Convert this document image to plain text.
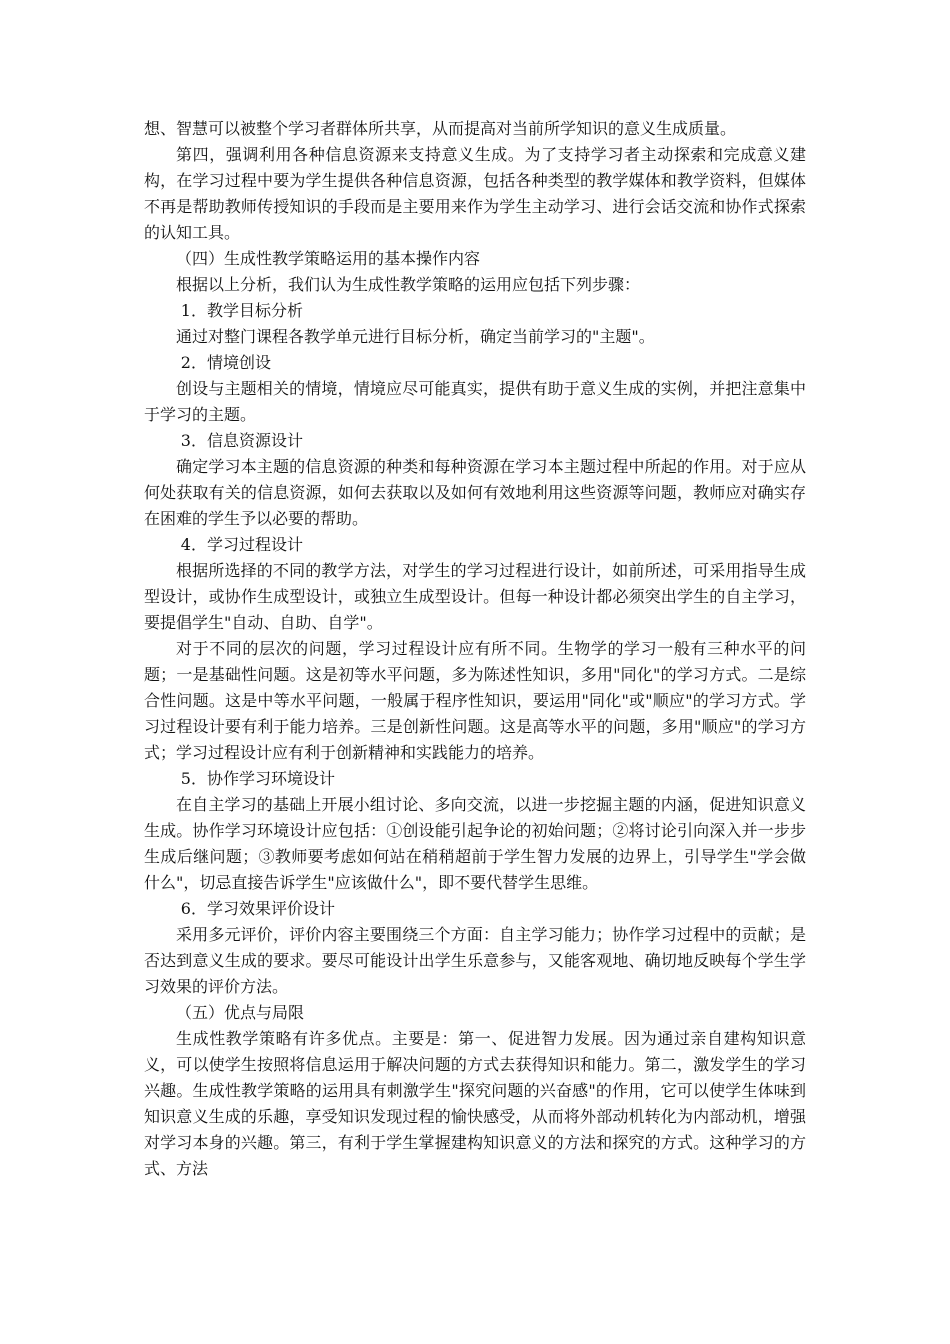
想、智慧可以被整个学习者群体所共享，从而提高对当前所学知识的意义生成质量。

第四，强调利用各种信息资源来支持意义生成。为了支持学习者主动探索和完成意义建构，在学习过程中要为学生提供各种信息资源，包括各种类型的教学媒体和教学资料，但媒体不再是帮助教师传授知识的手段而是主要用来作为学生主动学习、进行会话交流和协作式探索的认知工具。

（四）生成性教学策略运用的基本操作内容

根据以上分析，我们认为生成性教学策略的运用应包括下列步骤：

1．教学目标分析

通过对整门课程各教学单元进行目标分析，确定当前学习的"主题"。

2．情境创设

创设与主题相关的情境，情境应尽可能真实，提供有助于意义生成的实例，并把注意集中于学习的主题。

3．信息资源设计

确定学习本主题的信息资源的种类和每种资源在学习本主题过程中所起的作用。对于应从何处获取有关的信息资源，如何去获取以及如何有效地利用这些资源等问题，教师应对确实存在困难的学生予以必要的帮助。

4．学习过程设计

根据所选择的不同的教学方法，对学生的学习过程进行设计，如前所述，可采用指导生成型设计，或协作生成型设计，或独立生成型设计。但每一种设计都必须突出学生的自主学习，要提倡学生"自动、自助、自学"。

对于不同的层次的问题，学习过程设计应有所不同。生物学的学习一般有三种水平的问题；一是基础性问题。这是初等水平问题，多为陈述性知识，多用"同化"的学习方式。二是综合性问题。这是中等水平问题，一般属于程序性知识，要运用"同化"或"顺应"的学习方式。学习过程设计要有利于能力培养。三是创新性问题。这是高等水平的问题，多用"顺应"的学习方式；学习过程设计应有利于创新精神和实践能力的培养。

5．协作学习环境设计

在自主学习的基础上开展小组讨论、多向交流，以进一步挖掘主题的内涵，促进知识意义生成。协作学习环境设计应包括：①创设能引起争论的初始问题；②将讨论引向深入并一步步生成后继问题；③教师要考虑如何站在稍稍超前于学生智力发展的边界上，引导学生"学会做什么"，切忌直接告诉学生"应该做什么"，即不要代替学生思维。

6．学习效果评价设计

采用多元评价，评价内容主要围绕三个方面：自主学习能力；协作学习过程中的贡献；是否达到意义生成的要求。要尽可能设计出学生乐意参与，又能客观地、确切地反映每个学生学习效果的评价方法。

（五）优点与局限

生成性教学策略有许多优点。主要是：第一、促进智力发展。因为通过亲自建构知识意义，可以使学生按照将信息运用于解决问题的方式去获得知识和能力。第二，激发学生的学习兴趣。生成性教学策略的运用具有刺激学生"探究问题的兴奋感"的作用，它可以使学生体味到知识意义生成的乐趣，享受知识发现过程的愉快感受，从而将外部动机转化为内部动机，增强对学习本身的兴趣。第三，有利于学生掌握建构知识意义的方法和探究的方式。这种学习的方式、方法
